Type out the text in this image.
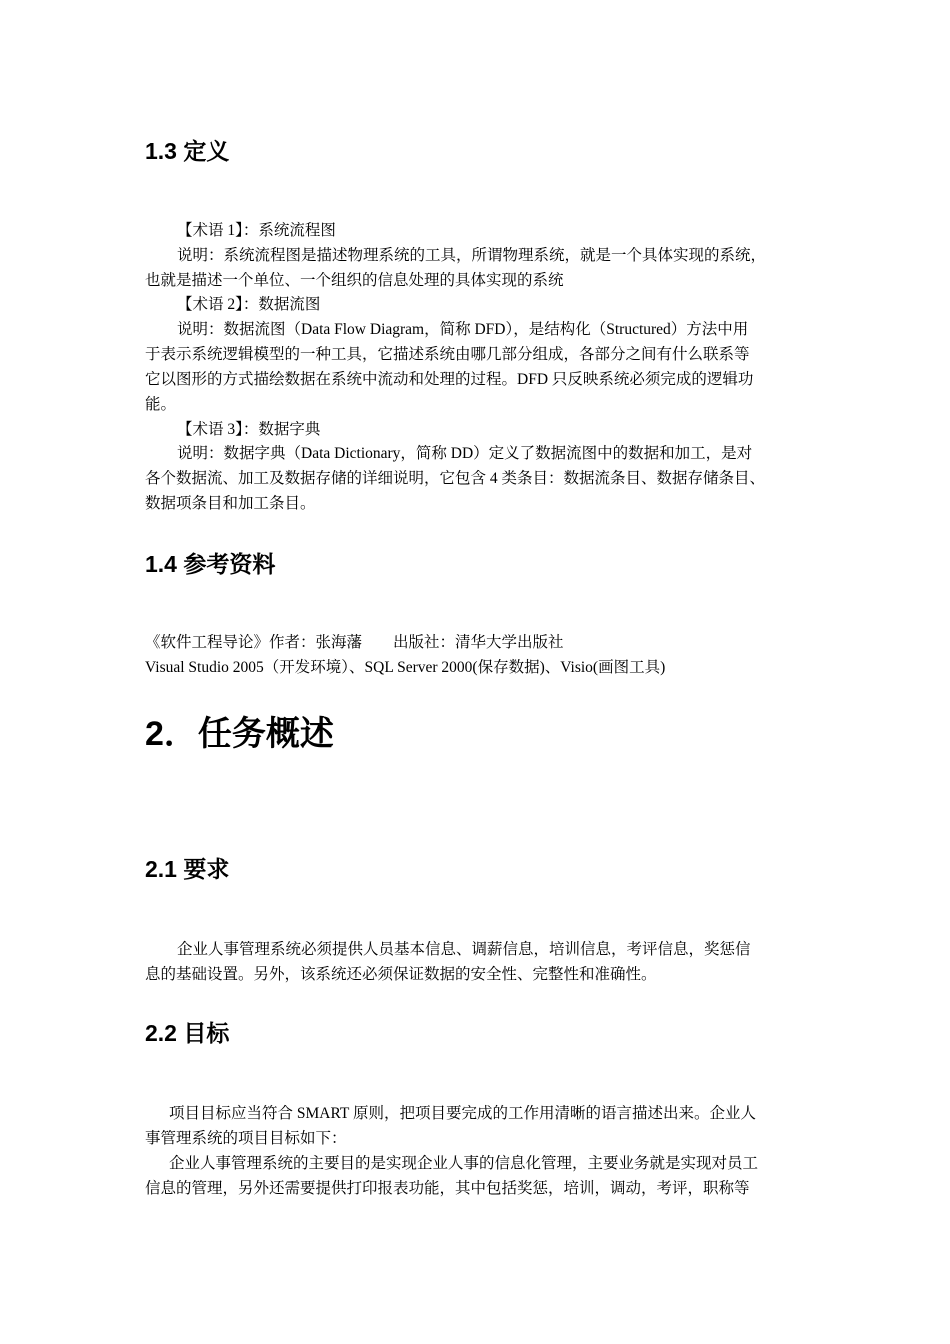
1.3 定义
【术语 1】：系统流程图
说明：系统流程图是描述物理系统的工具，所谓物理系统，就是一个具体实现的系统，
也就是描述一个单位、一个组织的信息处理的具体实现的系统
【术语 2】：数据流图
说明：数据流图（Data Flow Diagram，简称 DFD），是结构化（Structured）方法中用
于表示系统逻辑模型的一种工具，它描述系统由哪几部分组成，各部分之间有什么联系等
它以图形的方式描绘数据在系统中流动和处理的过程。DFD 只反映系统必须完成的逻辑功
能。
【术语 3】：数据字典
说明：数据字典（Data Dictionary，简称 DD）定义了数据流图中的数据和加工，是对
各个数据流、加工及数据存储的详细说明，它包含 4 类条目：数据流条目、数据存储条目、
数据项条目和加工条目。
1.4 参考资料
《软件工程导论》作者：张海藩　　出版社：清华大学出版社
Visual Studio 2005（开发环境）、SQL Server 2000(保存数据)、Visio(画图工具)
2．任务概述
2.1 要求
企业人事管理系统必须提供人员基本信息、调薪信息，培训信息，考评信息，奖惩信
息的基础设置。另外，该系统还必须保证数据的安全性、完整性和准确性。
2.2 目标
项目目标应当符合 SMART 原则，把项目要完成的工作用清晰的语言描述出来。企业人
事管理系统的项目目标如下：
企业人事管理系统的主要目的是实现企业人事的信息化管理，主要业务就是实现对员工
信息的管理，另外还需要提供打印报表功能，其中包括奖惩，培训，调动，考评，职称等
